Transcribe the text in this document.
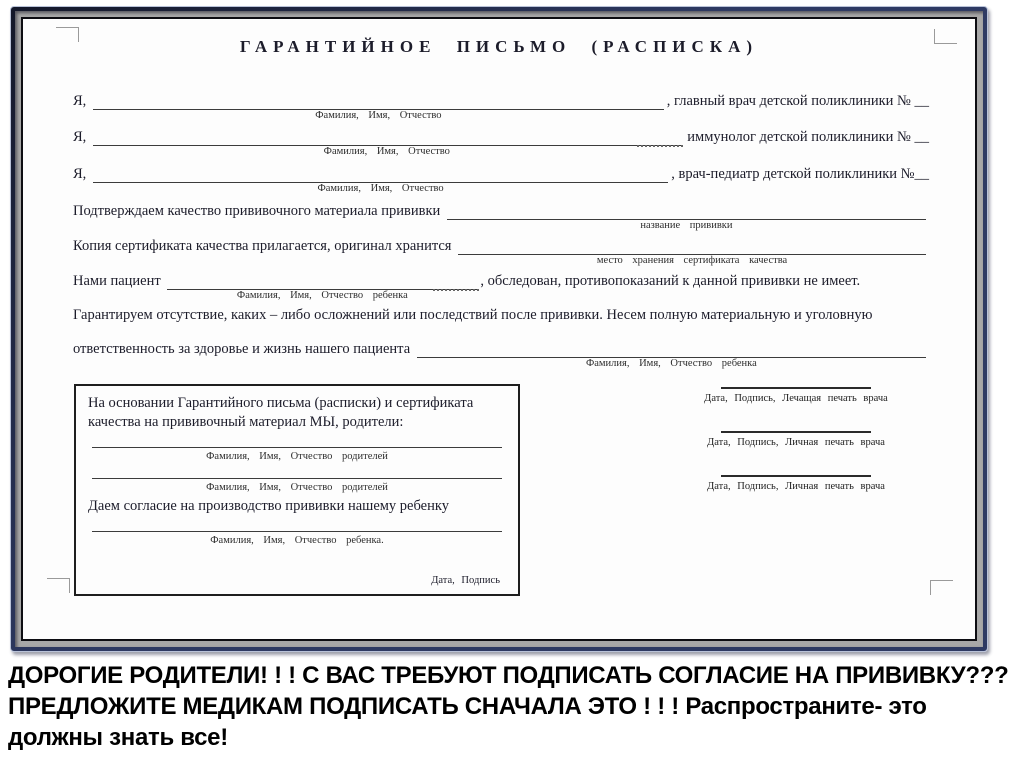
ГАРАНТИЙНОЕ ПИСЬМО (РАСПИСКА)
Я,
Фамилия, Имя, Отчество
, главный врач детской поликлиники № __
Я,
Фамилия, Имя, Отчество
иммунолог детской поликлиники № __
Я,
Фамилия, Имя, Отчество
, врач-педиатр детской поликлиники №__
Подтверждаем качество прививочного материала прививки
название прививки
Копия сертификата качества прилагается, оригинал хранится
место хранения сертификата качества
Нами пациент
Фамилия, Имя, Отчество ребенка
, обследован, противопоказаний к данной прививки не имеет.
Гарантируем отсутствие, каких – либо осложнений или последствий после прививки. Несем полную материальную и уголовную
ответственность за здоровье и жизнь нашего пациента
Фамилия, Имя, Отчество ребенка
На основании Гарантийного письма (расписки) и сертификата качества на прививочный материал МЫ, родители:
Фамилия, Имя, Отчество родителей
Фамилия, Имя, Отчество родителей
Даем согласие на производство прививки нашему ребенку
Фамилия, Имя, Отчество ребенка.
Дата, Подпись
Дата, Подпись, Лечащая печать врача
Дата, Подпись, Личная печать врача
Дата, Подпись, Личная печать врача
ДОРОГИЕ РОДИТЕЛИ! ! ! С ВАС ТРЕБУЮТ ПОДПИСАТЬ СОГЛАСИЕ НА ПРИВИВКУ???
ПРЕДЛОЖИТЕ МЕДИКАМ ПОДПИСАТЬ СНАЧАЛА ЭТО ! ! ! Распространите- это
должны знать все!
